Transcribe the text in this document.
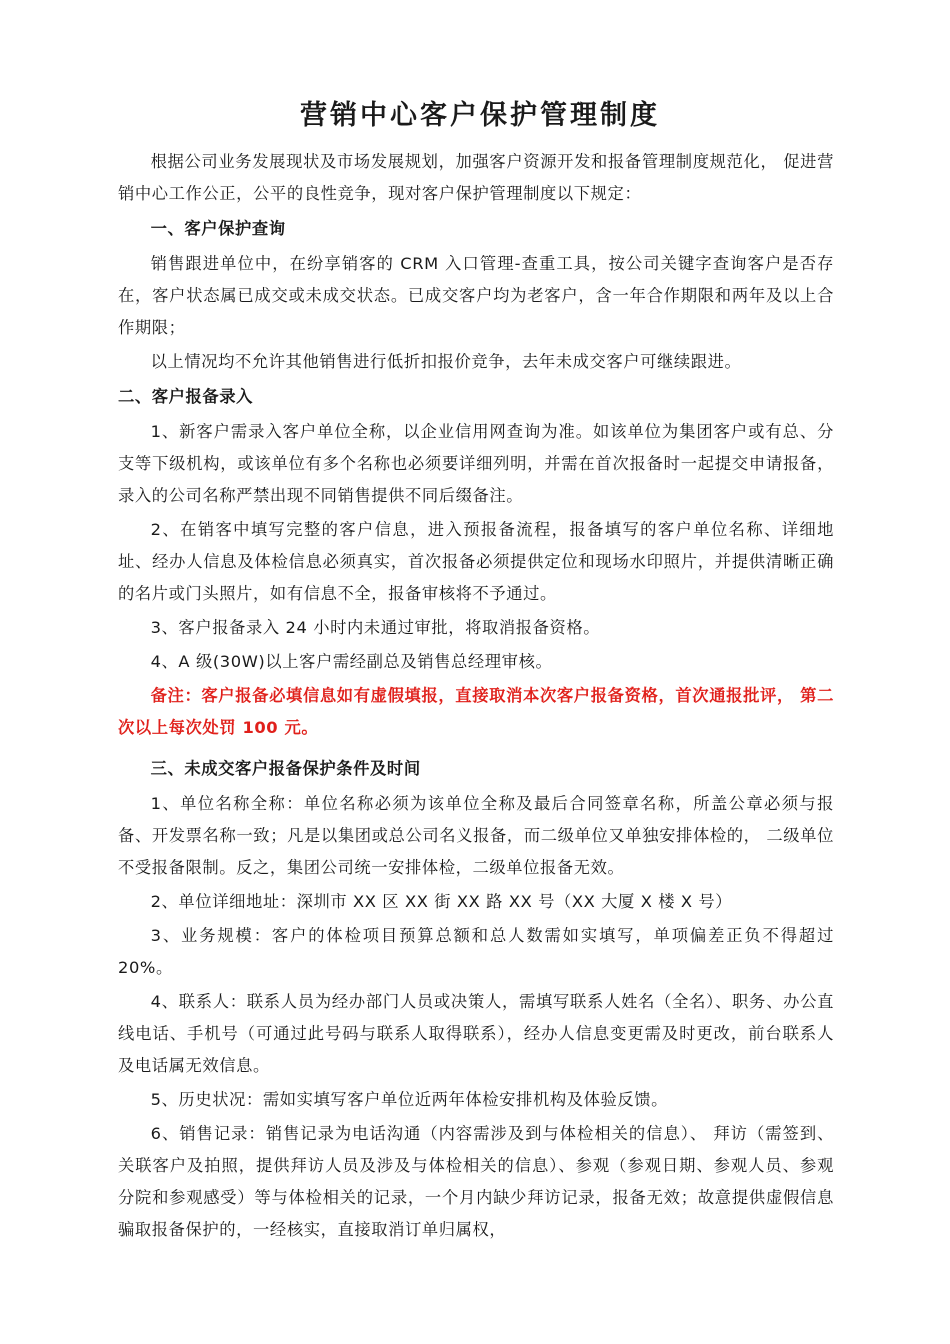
营销中心客户保护管理制度

根据公司业务发展现状及市场发展规划，加强客户资源开发和报备管理制度规范化， 促进营销中心工作公正，公平的良性竞争，现对客户保护管理制度以下规定：

一、客户保护查询

销售跟进单位中，在纷享销客的 CRM 入口管理-查重工具，按公司关键字查询客户是否存在，客户状态属已成交或未成交状态。已成交客户均为老客户，含一年合作期限和两年及以上合作期限；

以上情况均不允许其他销售进行低折扣报价竞争，去年未成交客户可继续跟进。

二、客户报备录入

1、新客户需录入客户单位全称，以企业信用网查询为准。如该单位为集团客户或有总、分支等下级机构，或该单位有多个名称也必须要详细列明，并需在首次报备时一起提交申请报备，录入的公司名称严禁出现不同销售提供不同后缀备注。

2、在销客中填写完整的客户信息，进入预报备流程，报备填写的客户单位名称、详细地址、经办人信息及体检信息必须真实，首次报备必须提供定位和现场水印照片，并提供清晰正确的名片或门头照片，如有信息不全，报备审核将不予通过。

3、客户报备录入 24 小时内未通过审批，将取消报备资格。

4、A 级(30W)以上客户需经副总及销售总经理审核。

备注：客户报备必填信息如有虚假填报，直接取消本次客户报备资格，首次通报批评， 第二次以上每次处罚 100 元。

三、未成交客户报备保护条件及时间

1、单位名称全称：单位名称必须为该单位全称及最后合同签章名称，所盖公章必须与报备、开发票名称一致；凡是以集团或总公司名义报备，而二级单位又单独安排体检的， 二级单位不受报备限制。反之，集团公司统一安排体检，二级单位报备无效。

2、单位详细地址：深圳市 XX 区 XX 街 XX 路 XX 号（XX 大厦 X 楼 X 号）

3、业务规模：客户的体检项目预算总额和总人数需如实填写，单项偏差正负不得超过 20%。

4、联系人：联系人员为经办部门人员或决策人，需填写联系人姓名（全名）、职务、办公直线电话、手机号（可通过此号码与联系人取得联系），经办人信息变更需及时更改，前台联系人及电话属无效信息。

5、历史状况：需如实填写客户单位近两年体检安排机构及体验反馈。

6、销售记录：销售记录为电话沟通（内容需涉及到与体检相关的信息）、 拜访（需签到、关联客户及拍照，提供拜访人员及涉及与体检相关的信息）、参观（参观日期、参观人员、参观分院和参观感受）等与体检相关的记录，一个月内缺少拜访记录，报备无效；故意提供虚假信息骗取报备保护的，一经核实，直接取消订单归属权，
